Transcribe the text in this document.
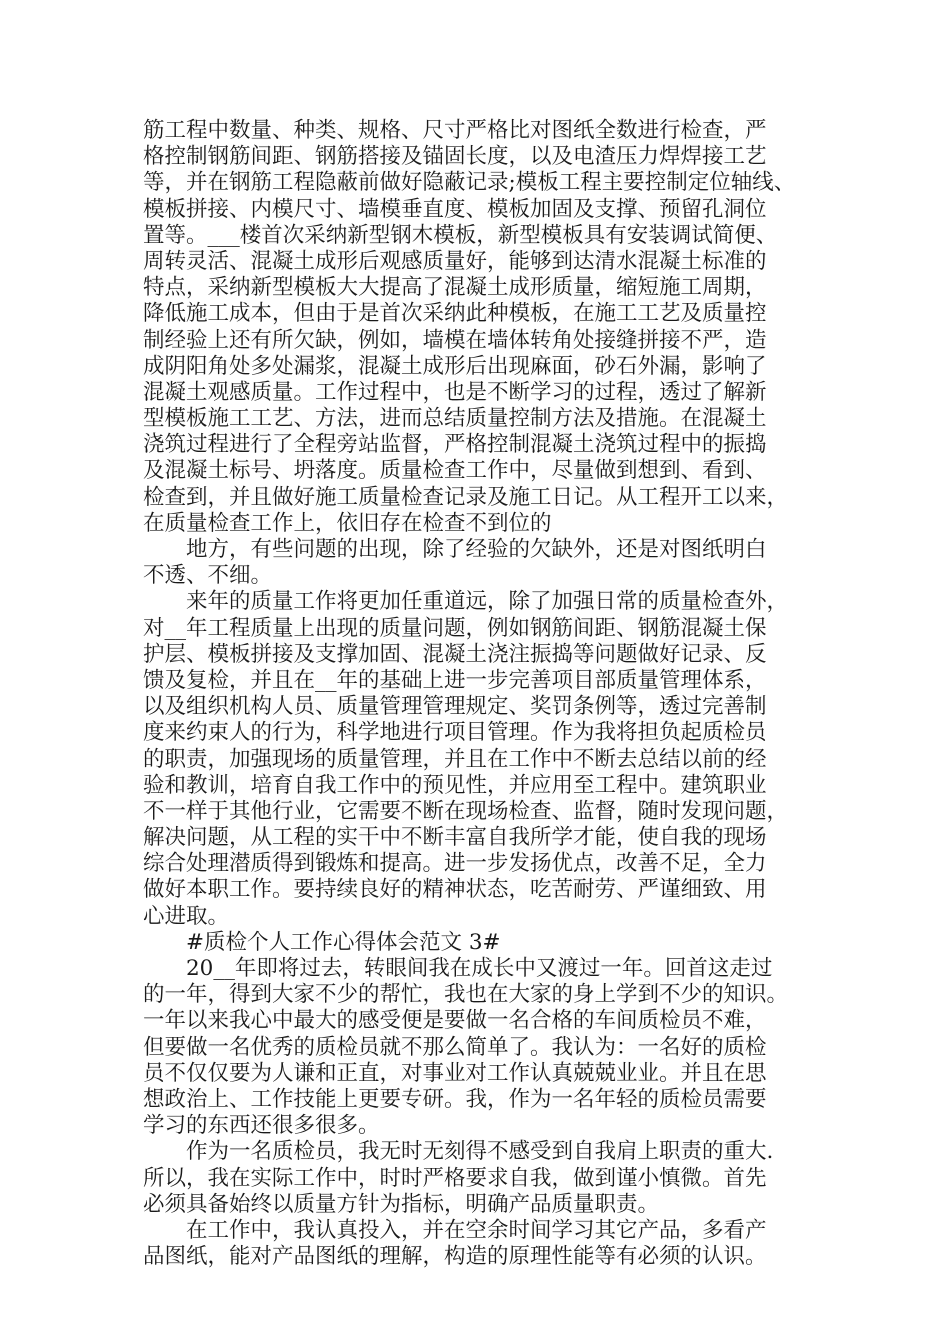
筋工程中数量、种类、规格、尺寸严格比对图纸全数进行检查，严
格控制钢筋间距、钢筋搭接及锚固长度，以及电渣压力焊焊接工艺
等，并在钢筋工程隐蔽前做好隐蔽记录;模板工程主要控制定位轴线、
模板拼接、内模尺寸、墙模垂直度、模板加固及支撑、预留孔洞位
置等。___楼首次采纳新型钢木模板，新型模板具有安装调试简便、
周转灵活、混凝土成形后观感质量好，能够到达清水混凝土标准的
特点，采纳新型模板大大提高了混凝土成形质量，缩短施工周期，
降低施工成本，但由于是首次采纳此种模板，在施工工艺及质量控
制经验上还有所欠缺，例如，墙模在墙体转角处接缝拼接不严，造
成阴阳角处多处漏浆，混凝土成形后出现麻面，砂石外漏，影响了
混凝土观感质量。工作过程中，也是不断学习的过程，透过了解新
型模板施工工艺、方法，进而总结质量控制方法及措施。在混凝土
浇筑过程进行了全程旁站监督，严格控制混凝土浇筑过程中的振捣
及混凝土标号、坍落度。质量检查工作中，尽量做到想到、看到、
检查到，并且做好施工质量检查记录及施工日记。从工程开工以来，
在质量检查工作上，依旧存在检查不到位的
地方，有些问题的出现，除了经验的欠缺外，还是对图纸明白
不透、不细。
来年的质量工作将更加任重道远，除了加强日常的质量检查外，
对__年工程质量上出现的质量问题，例如钢筋间距、钢筋混凝土保
护层、模板拼接及支撑加固、混凝土浇注振捣等问题做好记录、反
馈及复检，并且在__年的基础上进一步完善项目部质量管理体系，
以及组织机构人员、质量管理管理规定、奖罚条例等，透过完善制
度来约束人的行为，科学地进行项目管理。作为我将担负起质检员
的职责，加强现场的质量管理，并且在工作中不断去总结以前的经
验和教训，培育自我工作中的预见性，并应用至工程中。建筑职业
不一样于其他行业，它需要不断在现场检查、监督，随时发现问题，
解决问题，从工程的实干中不断丰富自我所学才能，使自我的现场
综合处理潜质得到锻炼和提高。进一步发扬优点，改善不足，全力
做好本职工作。要持续良好的精神状态，吃苦耐劳、严谨细致、用
心进取。
#质检个人工作心得体会范文 3#
20__年即将过去，转眼间我在成长中又渡过一年。回首这走过
的一年，得到大家不少的帮忙，我也在大家的身上学到不少的知识。
一年以来我心中最大的感受便是要做一名合格的车间质检员不难，
但要做一名优秀的质检员就不那么简单了。我认为：一名好的质检
员不仅仅要为人谦和正直，对事业对工作认真兢兢业业。并且在思
想政治上、工作技能上更要专研。我，作为一名年轻的质检员需要
学习的东西还很多很多。
作为一名质检员，我无时无刻得不感受到自我肩上职责的重大.
所以，我在实际工作中，时时严格要求自我，做到谨小慎微。首先
必须具备始终以质量方针为指标，明确产品质量职责。
在工作中，我认真投入，并在空余时间学习其它产品，多看产
品图纸，能对产品图纸的理解，构造的原理性能等有必须的认识。
